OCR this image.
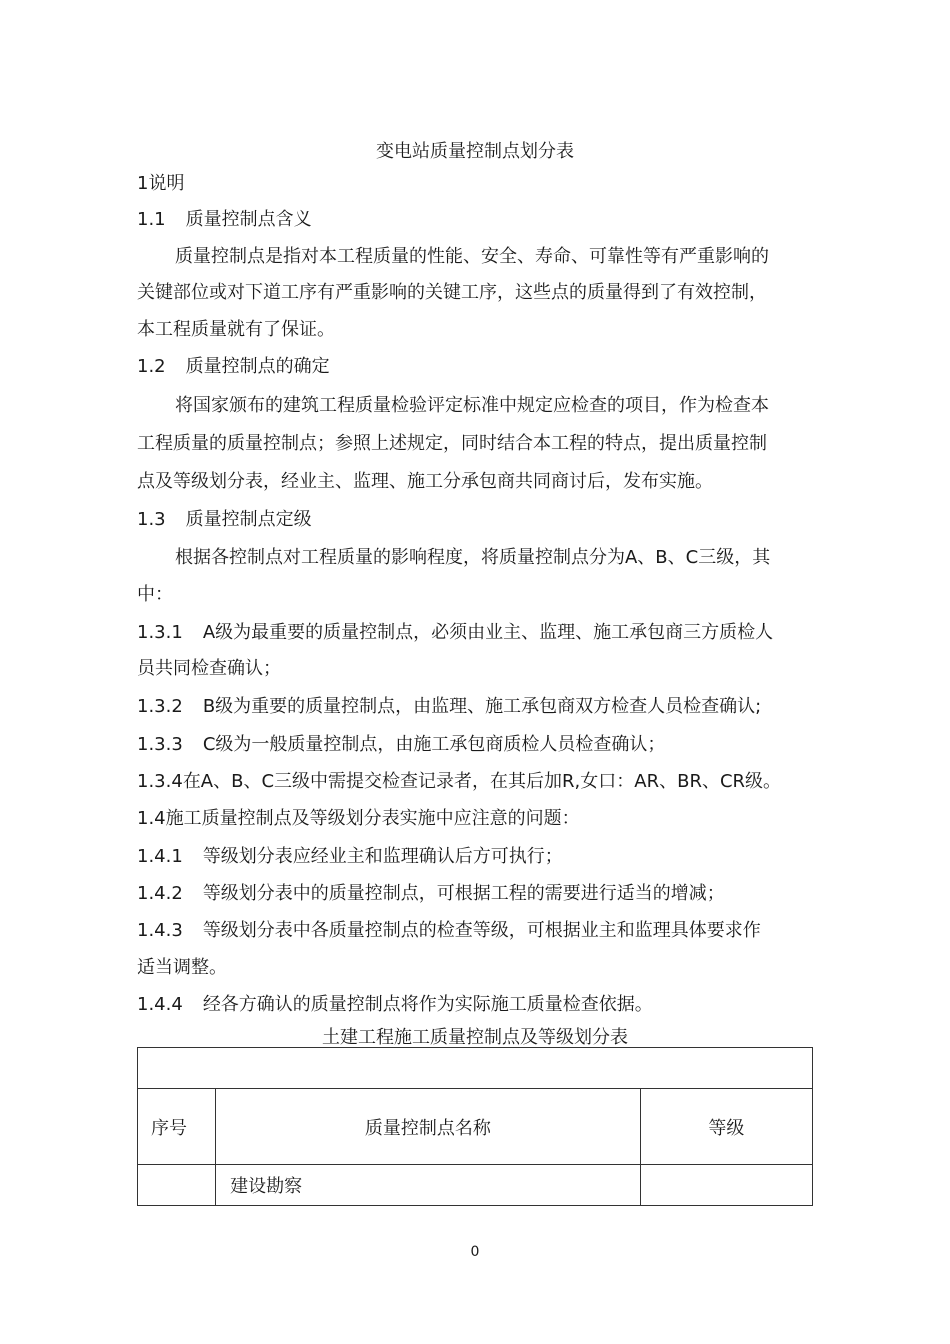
变电站质量控制点划分表
1说明
1.1 质量控制点含义
质量控制点是指对本工程质量的性能、安全、寿命、可靠性等有严重影响的
关键部位或对下道工序有严重影响的关键工序，这些点的质量得到了有效控制，
本工程质量就有了保证。
1.2 质量控制点的确定
将国家颁布的建筑工程质量检验评定标准中规定应检查的项目，作为检查本
工程质量的质量控制点；参照上述规定，同时结合本工程的特点，提出质量控制
点及等级划分表，经业主、监理、施工分承包商共同商讨后，发布实施。
1.3 质量控制点定级
根据各控制点对工程质量的影响程度，将质量控制点分为A、B、C三级，其
中：
1.3.1 A级为最重要的质量控制点，必须由业主、监理、施工承包商三方质检人
员共同检查确认；
1.3.2 B级为重要的质量控制点，由监理、施工承包商双方检查人员检查确认;
1.3.3 C级为一般质量控制点，由施工承包商质检人员检查确认；
1.3.4在A、B、C三级中需提交检查记录者，在其后加R,女口：AR、BR、CR级。
1.4施工质量控制点及等级划分表实施中应注意的问题：
1.4.1 等级划分表应经业主和监理确认后方可执行；
1.4.2 等级划分表中的质量控制点，可根据工程的需要进行适当的增减；
1.4.3 等级划分表中各质量控制点的检查等级，可根据业主和监理具体要求作
适当调整。
1.4.4 经各方确认的质量控制点将作为实际施工质量检查依据。
土建工程施工质量控制点及等级划分表

序号	质量控制点名称	等级
	建设勘察	
0
